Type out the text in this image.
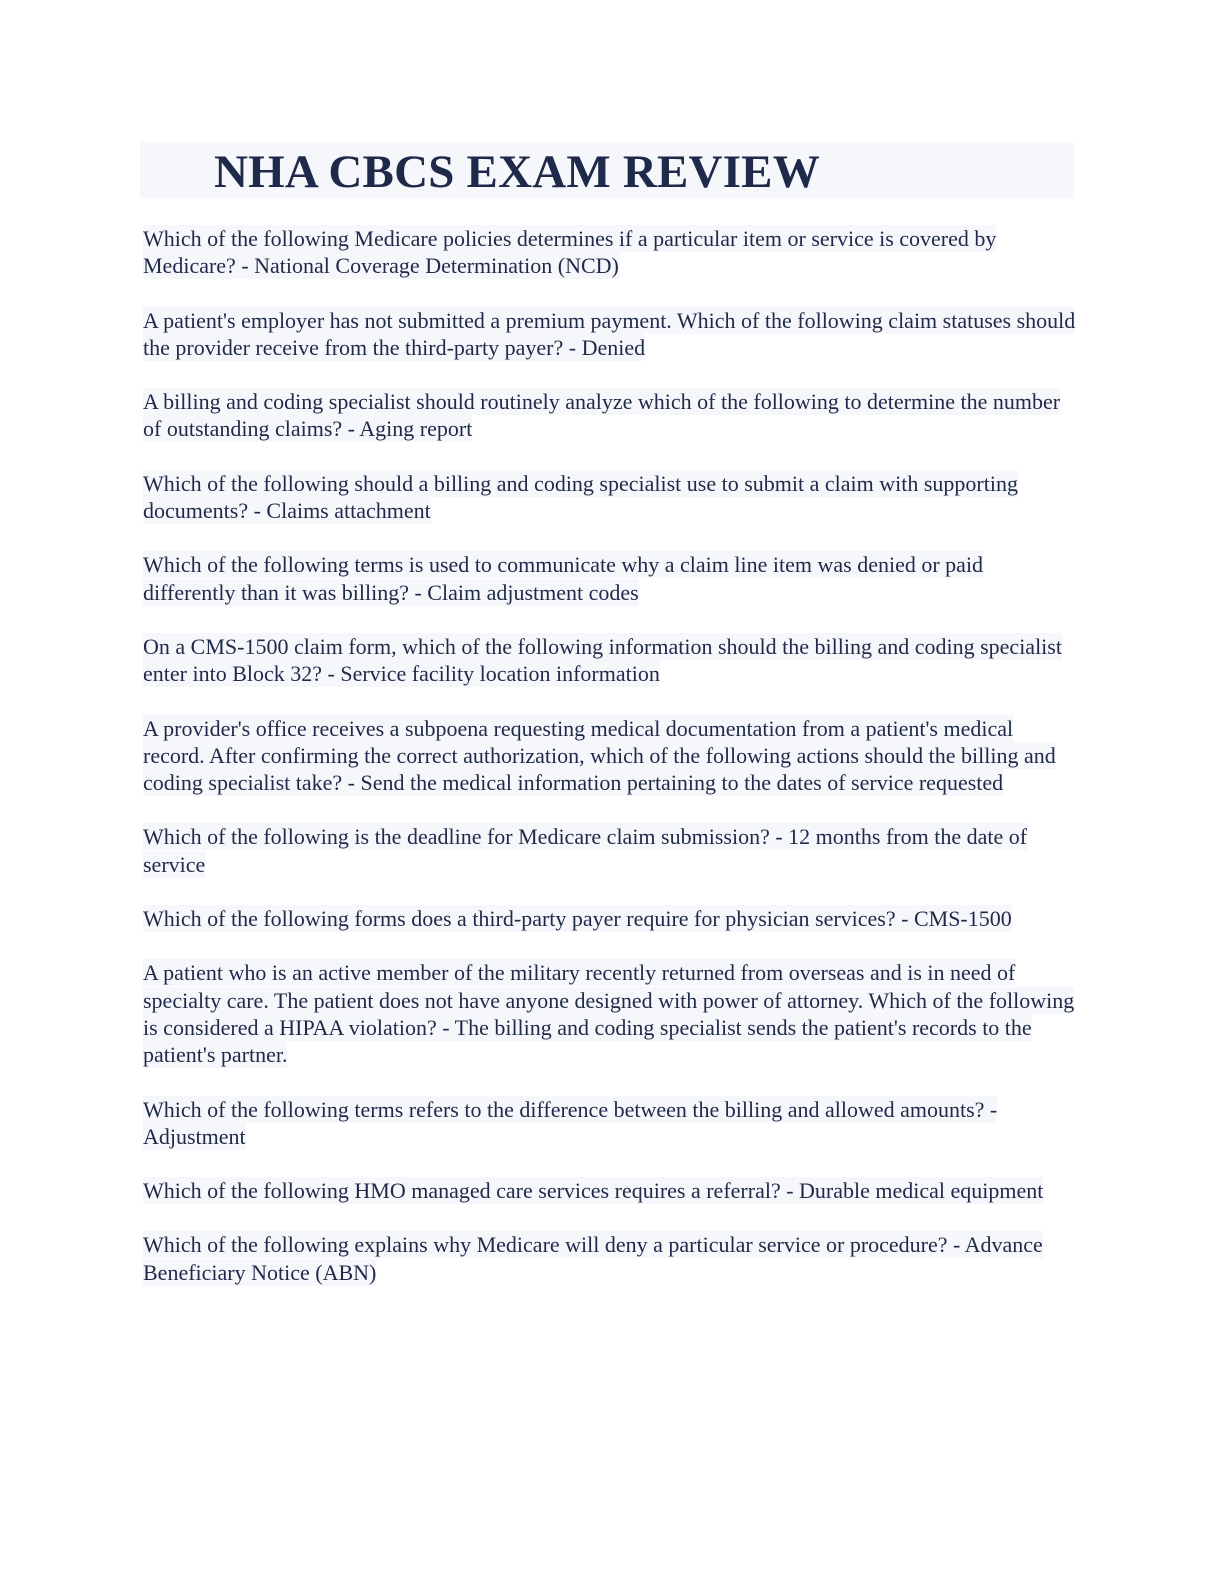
NHA CBCS EXAM REVIEW

Which of the following Medicare policies determines if a particular item or service is covered by Medicare? - National Coverage Determination (NCD)

A patient's employer has not submitted a premium payment. Which of the following claim statuses should the provider receive from the third-party payer? - Denied

A billing and coding specialist should routinely analyze which of the following to determine the number of outstanding claims? - Aging report

Which of the following should a billing and coding specialist use to submit a claim with supporting documents? - Claims attachment

Which of the following terms is used to communicate why a claim line item was denied or paid differently than it was billing? - Claim adjustment codes

On a CMS-1500 claim form, which of the following information should the billing and coding specialist enter into Block 32? - Service facility location information

A provider's office receives a subpoena requesting medical documentation from a patient's medical record. After confirming the correct authorization, which of the following actions should the billing and coding specialist take? - Send the medical information pertaining to the dates of service requested

Which of the following is the deadline for Medicare claim submission? - 12 months from the date of service

Which of the following forms does a third-party payer require for physician services? - CMS-1500

A patient who is an active member of the military recently returned from overseas and is in need of specialty care. The patient does not have anyone designed with power of attorney. Which of the following is considered a HIPAA violation? - The billing and coding specialist sends the patient's records to the patient's partner.

Which of the following terms refers to the difference between the billing and allowed amounts? - Adjustment

Which of the following HMO managed care services requires a referral? - Durable medical equipment

Which of the following explains why Medicare will deny a particular service or procedure? - Advance Beneficiary Notice (ABN)
